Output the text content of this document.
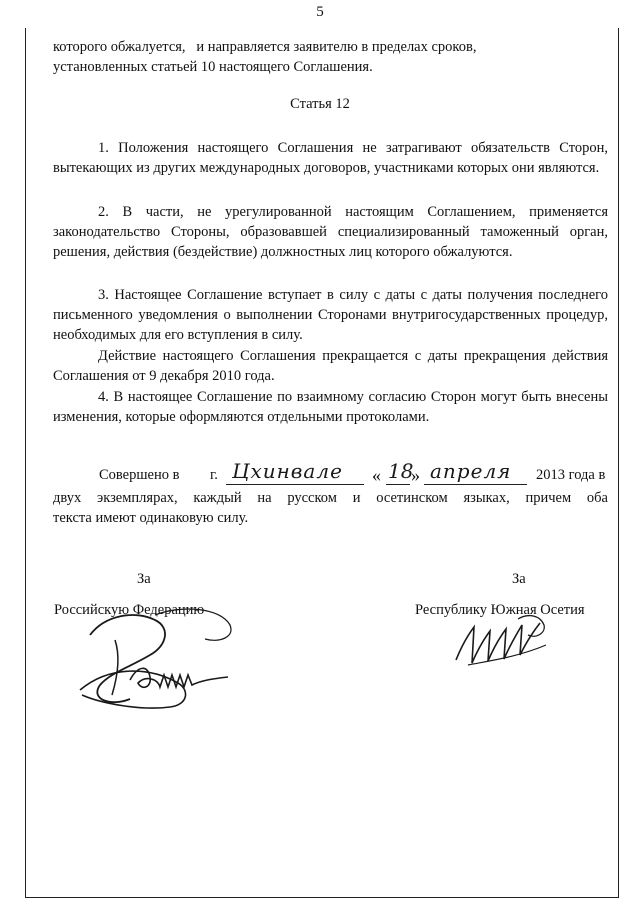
5
которого обжалуется,   и направляется заявителю в пределах сроков,
установленных статьей 10 настоящего Соглашения.
Статья 12
1. Положения настоящего Соглашения не затрагивают обязательств Сторон, вытекающих из других международных договоров, участниками которых они являются.
2. В части, не урегулированной настоящим Соглашением, применяется законодательство Стороны, образовавшей специализированный таможенный орган, решения, действия (бездействие) должностных лиц которого обжалуются.
3. Настоящее Соглашение вступает в силу с даты с даты получения последнего письменного уведомления о выполнении Сторонами внутригосударственных процедур, необходимых для его вступления в силу.
Действие настоящего Соглашения прекращается с даты прекращения действия Соглашения от 9 декабря 2010 года.
4. В настоящее Соглашение по взаимному согласию Сторон могут быть внесены изменения, которые оформляются отдельными протоколами.
Совершено в г. Цхинвале « 18
» апреля 2013 года в
двух экземплярах, каждый на русском и осетинском языках, причем оба
текста имеют одинаковую силу.
За
Российскую Федерацию
За
Республику Южная Осетия
